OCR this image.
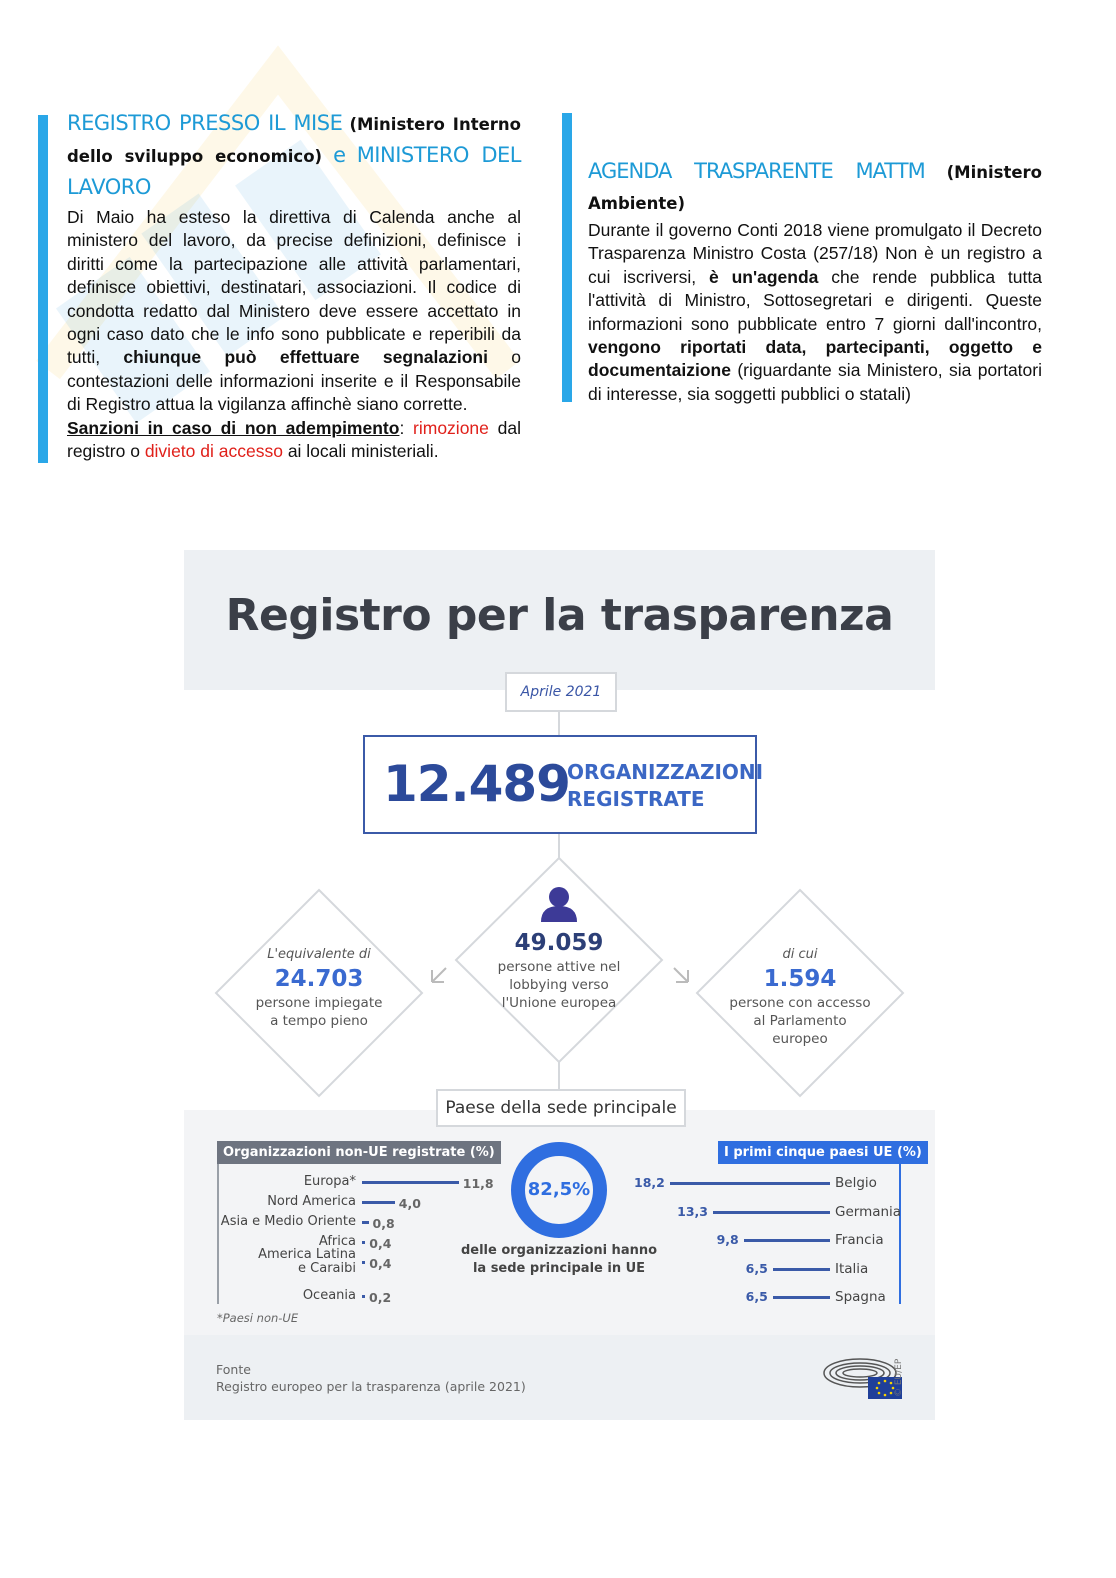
REGISTRO PRESSO IL MISE (Ministero Interno dello sviluppo economico) e MINISTERO DEL LAVORO
Di Maio ha esteso la direttiva di Calenda anche al ministero del lavoro, da precise definizioni, definisce i diritti come la partecipazione alle attività parlamentari, definisce obiettivi, destinatari, associazioni. Il codice di condotta redatto dal Ministero deve essere accettato in ogni caso dato che le info sono pubblicate e reperibili da tutti, chiunque può effettuare segnalazioni o contestazioni delle informazioni inserite e il Responsabile di Registro attua la vigilanza affinchè siano corrette.
Sanzioni in caso di non adempimento: rimozione dal registro o divieto di accesso ai locali ministeriali.
AGENDA TRASPARENTE MATTM (Ministero Ambiente)
Durante il governo Conti 2018 viene promulgato il Decreto Trasparenza Ministro Costa (257/18) Non è un registro a cui iscriversi, è un'agenda che rende pubblica tutta l'attività di Ministro, Sottosegretari e dirigenti. Queste informazioni sono pubblicate entro 7 giorni dall'incontro, vengono riportati data, partecipanti, oggetto e documentaizione (riguardante sia Ministero, sia portatori di interesse, sia soggetti pubblici o statali)
Registro per la trasparenza
Aprile 2021
12.489
ORGANIZZAZIONI
REGISTRATE
L'equivalente di
24.703
persone impiegate
a tempo pieno
49.059
persone attive nel
lobbying verso
l'Unione europea
di cui
1.594
persone con accesso
al Parlamento
europeo
Paese della sede principale
Organizzazioni non-UE registrate (%)
*Paesi non-UE
82,5%
delle organizzazioni hanno
la sede principale in UE
I primi cinque paesi UE (%)
Fonte
Registro europeo per la trasparenza (aprile 2021)	© EU/EP
Europa*	11,8
Nord America	4,0
Asia e Medio Oriente 0,8
Africa 0,4
America Latina
e Caraibi 0,4
Oceania 0,2
18,2	Belgio
13,3	Germania
9,8	Francia
6,5	Italia
6,5	Spagna
